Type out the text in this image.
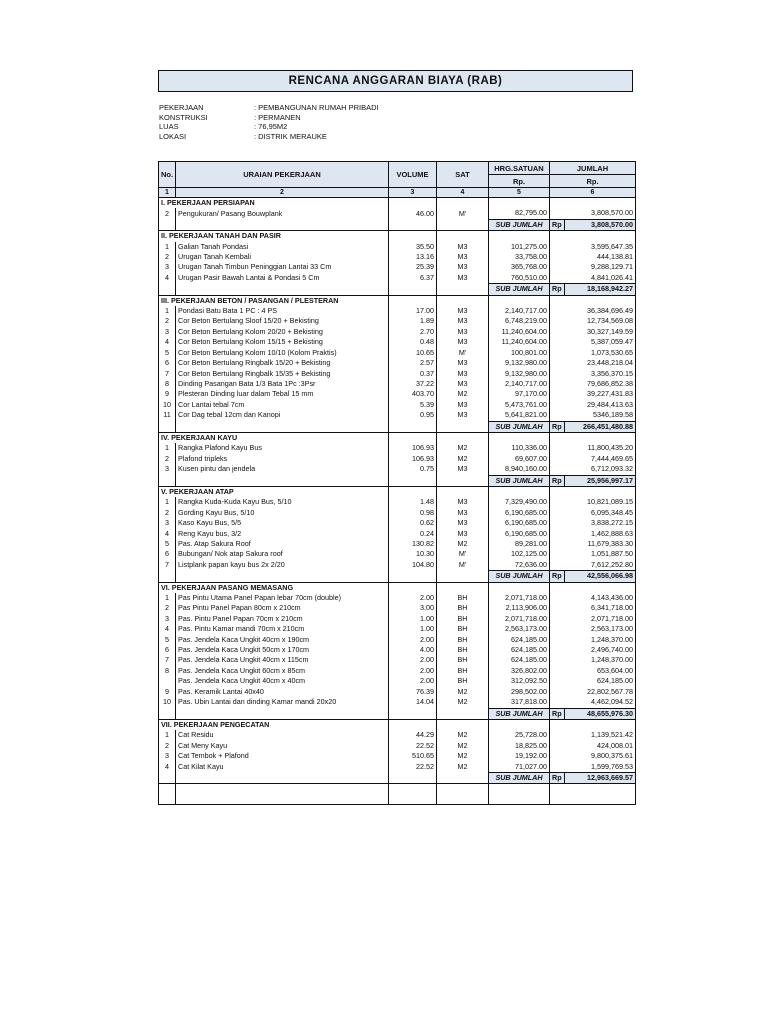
RENCANA ANGGARAN BIAYA (RAB)
PEKERJAAN	: PEMBANGUNAN RUMAH PRIBADI
KONSTRUKSI	: PERMANEN
LUAS	: 76,95M2
LOKASI	: DISTRIK MERAUKE
No.	URAIAN PEKERJAAN	VOLUME	SAT	HRG.SATUAN	JUMLAH	
				Rp.	Rp.	
1	2	3	4	5	6	
I. PEKERJAAN PERSIAPAN						
2	Pengukuran/ Pasang Bouwplank	46.00	M'	82,795.00	3,808,570.00	
				SUB JUMLAH	Rp	3,808,570.00
II. PEKERJAAN TANAH DAN PASIR						
1	Galian Tanah Pondasi	35.50	M3	101,275.00	3,595,647.35	
2	Urugan Tanah Kembali	13.16	M3	33,758.00	444,138.81	
3	Urugan Tanah Timbun Peninggian Lantai 33 Cm	25.39	M3	365,768.00	9,288,129.71	
4	Urugan Pasir Bawah Lantai & Pondasi 5 Cm	6.37	M3	760,510.00	4,841,026.41	
				SUB JUMLAH	Rp	18,168,942.27
III. PEKERJAAN BETON / PASANGAN / PLESTERAN						
1	Pondasi Batu Bata 1 PC : 4 PS	17.00	M3	2,140,717.00	36,384,696.49	
2	Cor Beton Bertulang Sloof 15/20 + Bekisting	1.89	M3	6,748,219.00	12,734,569.08	
3	Cor Beton Bertulang Kolom 20/20 + Bekisting	2.70	M3	11,240,604.00	30,327,149.59	
4	Cor Beton Bertulang Kolom 15/15 + Bekisting	0.48	M3	11,240,604.00	5,387,059.47	
5	Cor Beton Bertulang Kolom 10/10 (Kolom Praktis)	10.65	M'	100,801.00	1,073,530.65	
6	Cor Beton Bertulang Ringbalk 15/20 + Bekisting	2.57	M3	9,132,980.00	23,448,218.04	
7	Cor Beton Bertulang Ringbalk 15/35 + Bekisting	0.37	M3	9,132,980.00	3,356,370.15	
8	Dinding Pasangan Bata 1/3 Bata 1Pc :3Psr	37.22	M3	2,140,717.00	79,686,852.38	
9	Plesteran Dinding luar dalam Tebal 15 mm	403.70	M2	97,170.00	39,227,431.83	
10	Cor Lantai tebal 7cm	5.39	M3	5,473,761.00	29,484,413.63	
11	Cor Dag tebal 12cm dan Kanopi	0.95	M3	5,641,821.00	5346,189.58	
				SUB JUMLAH	Rp	266,451,480.88
IV. PEKERJAAN KAYU						
1	Rangka Plafond Kayu Bus	106.93	M2	110,336.00	11,800,435.20	
2	Plafond tripleks	106.93	M2	69,607.00	7,444,469.65	
3	Kusen pintu dan jendela	0.75	M3	8,940,160.00	6,712,093.32	
				SUB JUMLAH	Rp	25,956,997.17
V. PEKERJAAN ATAP						
1	Rangka Kuda-Kuda Kayu Bus, 5/10	1.48	M3	7,329,490.00	10,821,089.15	
2	Gording Kayu Bus, 5/10	0.98	M3	6,190,685.00	6,095,348.45	
3	Kaso Kayu Bus, 5/5	0.62	M3	6,190,685.00	3,838,272.15	
4	Reng Kayu bus, 3/2	0.24	M3	6,190,685.00	1,462,888.63	
5	Pas. Atap Sakura Roof	130.82	M2	89,281.00	11,679,383.30	
6	Bubungan/ Nok atap Sakura roof	10.30	M'	102,125.00	1,051,887.50	
7	Listplank papan kayu bus 2x 2/20	104.80	M'	72,636.00	7,612,252.80	
				SUB JUMLAH	Rp	42,556,066.98
VI. PEKERJAAN PASANG MEMASANG						
1	Pas Pintu Utama Panel Papan lebar 70cm (double)	2.00	BH	2,071,718.00	4,143,436.00	
2	Pas Pintu Panel Papan 80cm x 210cm	3.00	BH	2,113,906.00	6,341,718.00	
3	Pas. Pintu Panel Papan 70cm x 210cm	1.00	BH	2,071,718.00	2,071,718.00	
4	Pas. Pintu Kamar mandi 70cm x 210cm	1.00	BH	2,563,173.00	2,563,173.00	
5	Pas. Jendela Kaca Ungkit 40cm x 190cm	2.00	BH	624,185.00	1,248,370.00	
6	Pas. Jendela Kaca Ungkit 50cm x 170cm	4.00	BH	624,185.00	2,496,740.00	
7	Pas. Jendela Kaca Ungkit 40cm x 115cm	2.00	BH	624,185.00	1,248,370.00	
8	Pas. Jendela Kaca Ungkit 60cm x 85cm	2.00	BH	326,802.00	653,604.00	
	Pas. Jendela Kaca Ungkit 40cm x 40cm	2.00	BH	312,092.50	624,185.00	
9	Pas. Keramik Lantai 40x40	76.39	M2	298,502.00	22,802,567.78	
10	Pas. Ubin Lantai dan dinding Kamar mandi 20x20	14.04	M2	317,818.00	4,462,094.52	
				SUB JUMLAH	Rp	48,655,976.30
VII. PEKERJAAN PENGECATAN						
1	Cat Residu	44.29	M2	25,728.00	1,139,521.42	
2	Cat Meny Kayu	22.52	M2	18,825.00	424,008.01	
3	Cat Tembok + Plafond	510.65	M2	19,192.00	9,800,375.61	
4	Cat Kilat Kayu	22.52	M2	71,027.00	1,599,769.53	
				SUB JUMLAH	Rp	12,963,669.57
